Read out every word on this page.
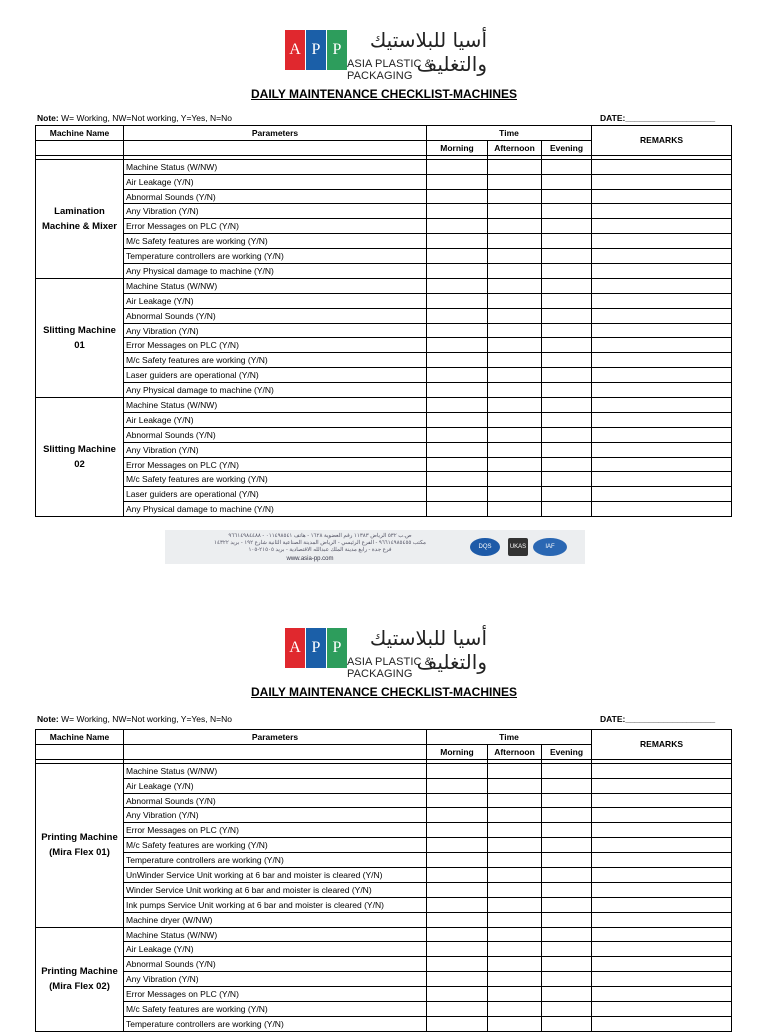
A P P	أسيا للبلاستيك والتغليف
ASIA PLASTIC & PACKAGING
DAILY MAINTENANCE CHECKLIST-MACHINES
Note: W= Working, NW=Not working, Y=Yes, N=No	DATE:___________________
Machine Name	Parameters	Time			REMARKS
		Morning	Afternoon	Evening	

Lamination Machine & Mixer	Machine Status (W/NW)				
	Air Leakage (Y/N)				
	Abnormal Sounds (Y/N)				
	Any Vibration (Y/N)				
	Error Messages on PLC (Y/N)				
	M/c Safety features are working (Y/N)				
	Temperature controllers are working (Y/N)				
	Any Physical damage to machine (Y/N)				
Slitting Machine 01	Machine Status (W/NW)				
	Air Leakage (Y/N)				
	Abnormal Sounds (Y/N)				
	Any Vibration (Y/N)				
	Error Messages on PLC (Y/N)				
	M/c Safety features are working (Y/N)				
	Laser guiders are operational (Y/N)				
	Any Physical damage to machine (Y/N)				
Slitting Machine 02	Machine Status (W/NW)				
	Air Leakage (Y/N)				
	Abnormal Sounds (Y/N)				
	Any Vibration (Y/N)				
	Error Messages on PLC (Y/N)				
	M/c Safety features are working (Y/N)				
	Laser guiders are operational (Y/N)				
	Any Physical damage to machine (Y/N)				
ص.ب ٥٣٢ الرياض ١١٣٨٣ رقم العضوية ١٦٢٨ - هاتف ٠١١٤٩٨٥٤١ - ٩٦٦١٤٩٨٤٤٨٨
مكتب ٩٦٦١٤٩٨٥٤٥٥ - الفرع الرئيسي - الرياض المدينة الصناعية الثانية شارع ١٩٢ - بريد ١٤٣٢٢
فرع جدة - رابغ مدينة الملك عبدالله الاقتصادية - بريد ٢١٥٠٥-١٠٥
www.asia-pp.com
DQS	UKAS	IAF
A P P	أسيا للبلاستيك والتغليف
ASIA PLASTIC & PACKAGING
DAILY MAINTENANCE CHECKLIST-MACHINES
Note: W= Working, NW=Not working, Y=Yes, N=No	DATE:___________________
Machine Name	Parameters	Time			REMARKS
		Morning	Afternoon	Evening	

Printing Machine (Mira Flex 01)	Machine Status (W/NW)				
	Air Leakage (Y/N)				
	Abnormal Sounds (Y/N)				
	Any Vibration (Y/N)				
	Error Messages on PLC (Y/N)				
	M/c Safety features are working (Y/N)				
	Temperature controllers are working (Y/N)				
	UnWinder Service Unit working at 6 bar and moister is cleared (Y/N)				
	Winder Service Unit working at 6 bar and moister is cleared (Y/N)				
	Ink pumps Service Unit working at 6 bar and moister is cleared (Y/N)				
	Machine dryer (W/NW)				
Printing Machine (Mira Flex 02)	Machine Status (W/NW)				
	Air Leakage (Y/N)				
	Abnormal Sounds (Y/N)				
	Any Vibration (Y/N)				
	Error Messages on PLC (Y/N)				
	M/c Safety features are working (Y/N)				
	Temperature controllers are working (Y/N)				
